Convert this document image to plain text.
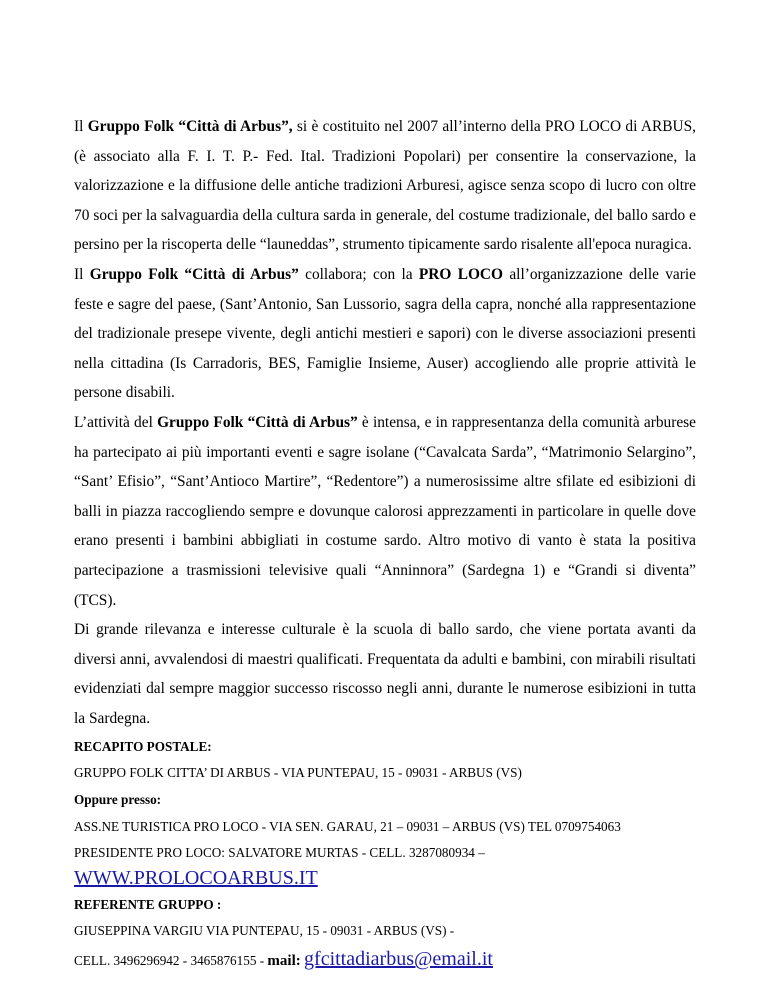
Il Gruppo Folk “Città di Arbus”, si è costituito nel 2007 all’interno della PRO LOCO di ARBUS, (è associato alla F. I. T. P.- Fed. Ital. Tradizioni Popolari) per consentire la conservazione, la valorizzazione e la diffusione delle antiche tradizioni Arburesi, agisce senza scopo di lucro con oltre 70 soci per la salvaguardia della cultura sarda in generale, del costume tradizionale, del ballo sardo e persino per la riscoperta delle “launeddas”, strumento tipicamente sardo risalente all'epoca nuragica.

Il Gruppo Folk “Città di Arbus” collabora; con la PRO LOCO all’organizzazione delle varie feste e sagre del paese, (Sant’Antonio, San Lussorio, sagra della capra, nonché alla rappresentazione del tradizionale presepe vivente, degli antichi mestieri e sapori) con le diverse associazioni presenti nella cittadina (Is Carradoris, BES, Famiglie Insieme, Auser) accogliendo alle proprie attività le persone disabili.

L’attività del Gruppo Folk “Città di Arbus” è intensa, e in rappresentanza della comunità arburese ha partecipato ai più importanti eventi e sagre isolane (“Cavalcata Sarda”, “Matrimonio Selargino”, “Sant’ Efisio”, “Sant’Antioco Martire”, “Redentore”) a numerosissime altre sfilate ed esibizioni di balli in piazza raccogliendo sempre e dovunque calorosi apprezzamenti in particolare in quelle dove erano presenti i bambini abbigliati in costume sardo. Altro motivo di vanto è stata la positiva partecipazione a trasmissioni televisive quali “Anninnora” (Sardegna 1) e “Grandi si diventa” (TCS).

Di grande rilevanza e interesse culturale è la scuola di ballo sardo, che viene portata avanti da diversi anni, avvalendosi di maestri qualificati. Frequentata da adulti e bambini, con mirabili risultati evidenziati dal sempre maggior successo riscosso negli anni, durante le numerose esibizioni in tutta la Sardegna.

RECAPITO POSTALE:

GRUPPO FOLK CITTA’ DI ARBUS - VIA PUNTEPAU, 15 - 09031 - ARBUS (VS)

Oppure presso:

ASS.NE TURISTICA PRO LOCO - VIA SEN. GARAU, 21 – 09031 – ARBUS (VS) TEL 0709754063

PRESIDENTE PRO LOCO: SALVATORE MURTAS - CELL. 3287080934 –

WWW.PROLOCOARBUS.IT

REFERENTE GRUPPO :

GIUSEPPINA VARGIU VIA PUNTEPAU, 15 - 09031 - ARBUS (VS) -

CELL. 3496296942 - 3465876155 - mail: gfcittadiarbus@email.it
